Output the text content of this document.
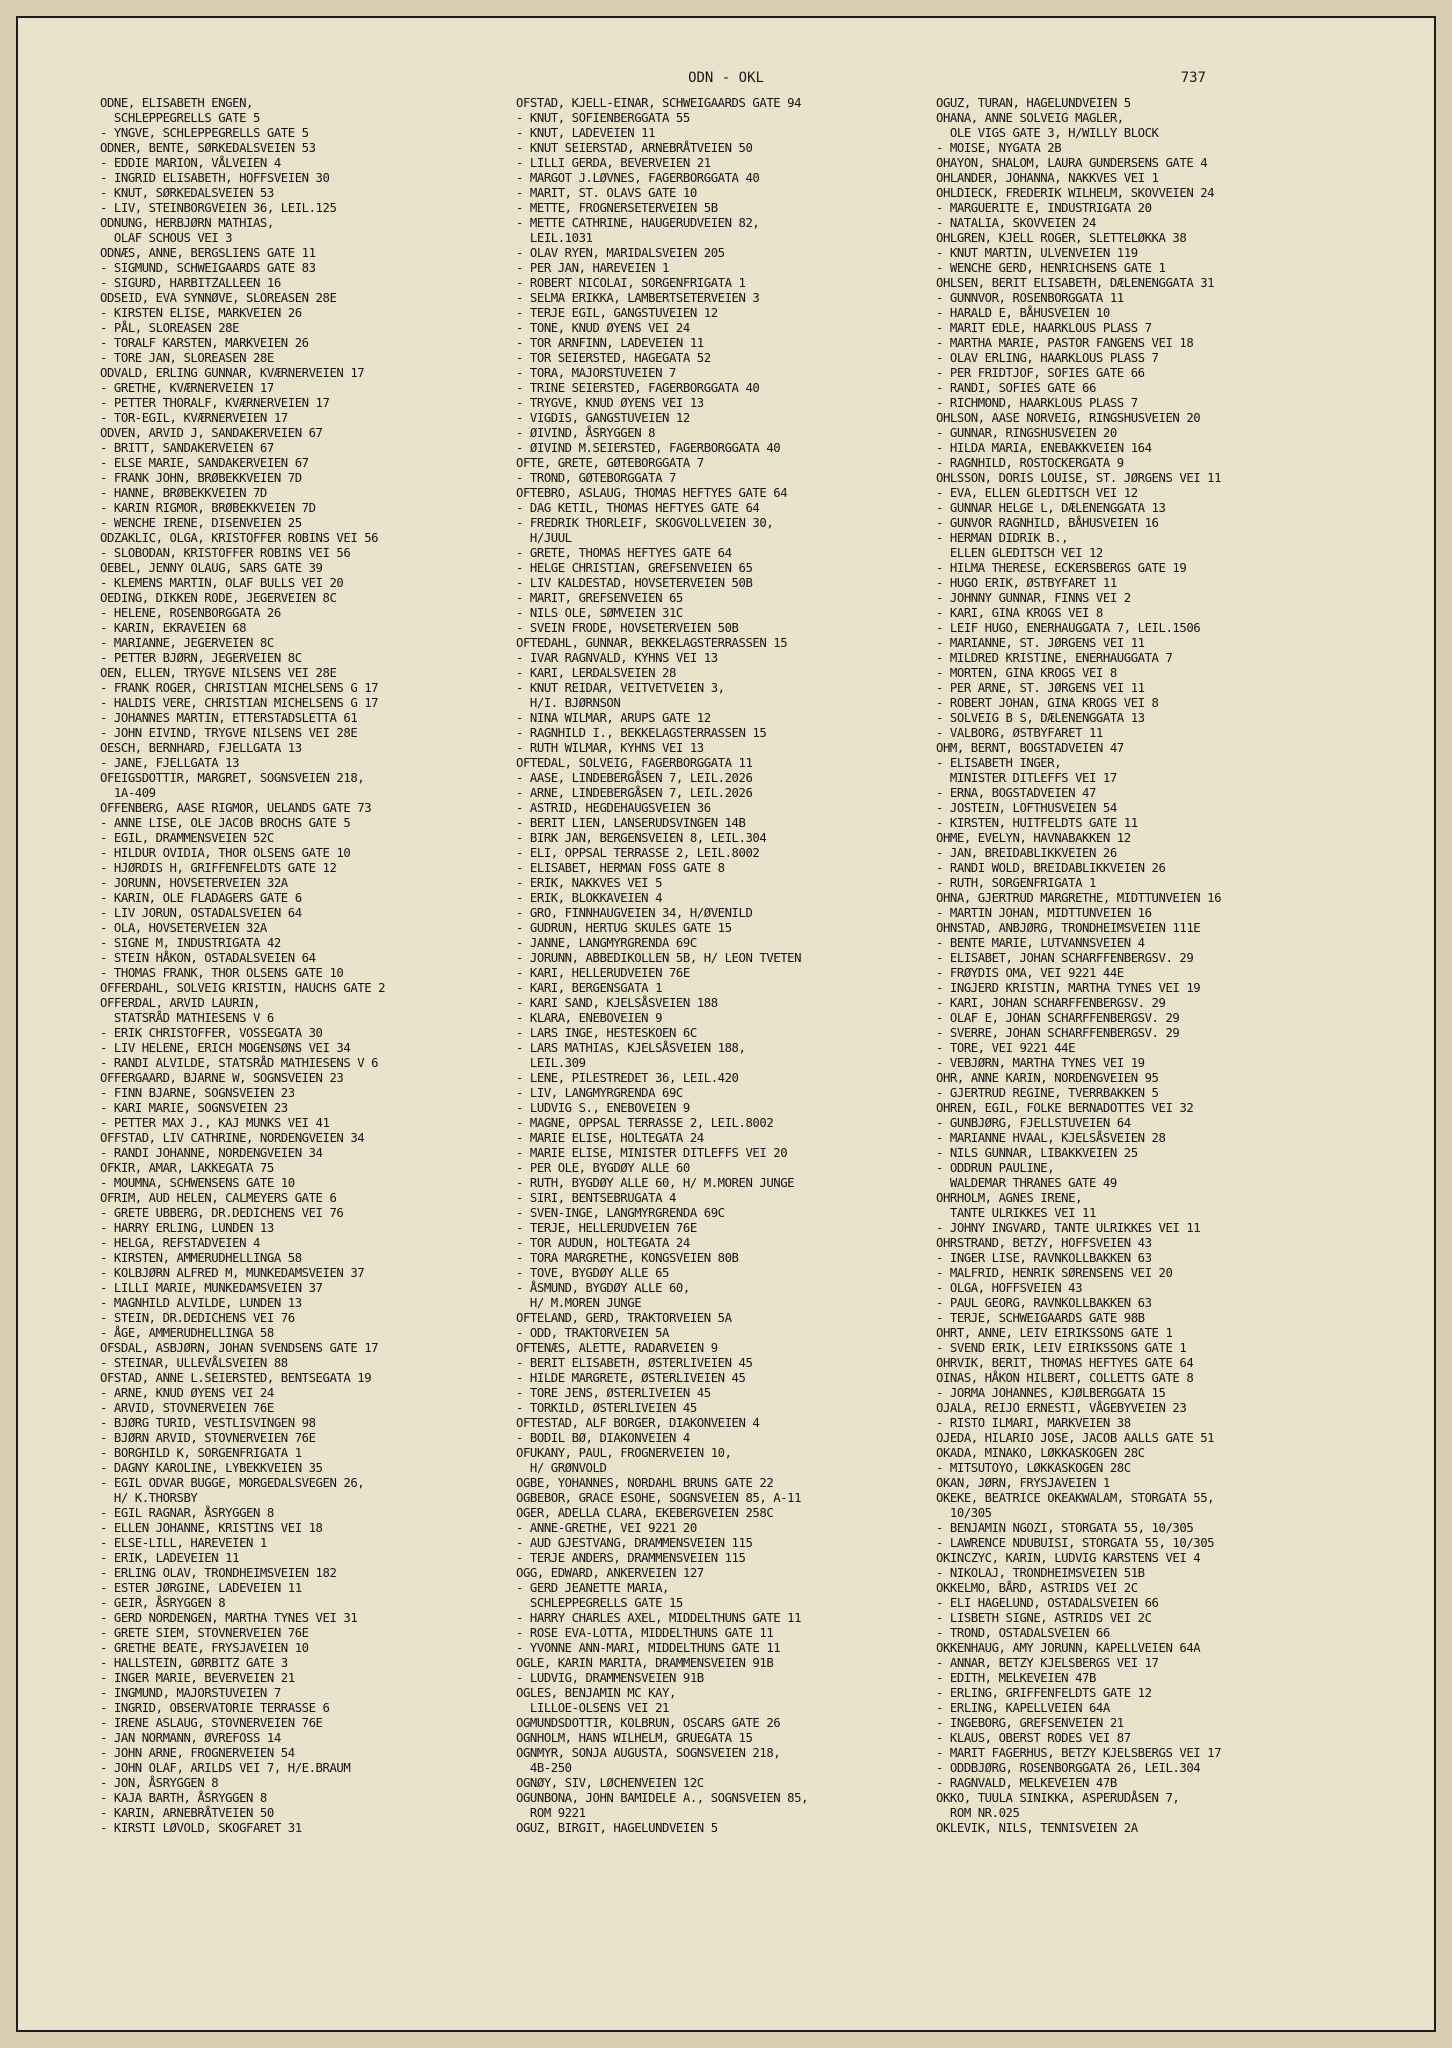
ODN - OKL	737
ODNE, ELISABETH ENGEN,
SCHLEPPEGRELLS GATE 5
- YNGVE, SCHLEPPEGRELLS GATE 5
ODNER, BENTE, SØRKEDALSVEIEN 53
- EDDIE MARION, VÅLVEIEN 4
- INGRID ELISABETH, HOFFSVEIEN 30
- KNUT, SØRKEDALSVEIEN 53
- LIV, STEINBORGVEIEN 36, LEIL.125
ODNUNG, HERBJØRN MATHIAS,
OLAF SCHOUS VEI 3
ODNÆS, ANNE, BERGSLIENS GATE 11
- SIGMUND, SCHWEIGAARDS GATE 83
- SIGURD, HARBITZALLEEN 16
ODSEID, EVA SYNNØVE, SLOREASEN 28E
- KIRSTEN ELISE, MARKVEIEN 26
- PÅL, SLOREASEN 28E
- TORALF KARSTEN, MARKVEIEN 26
- TORE JAN, SLOREASEN 28E
ODVALD, ERLING GUNNAR, KVÆRNERVEIEN 17
- GRETHE, KVÆRNERVEIEN 17
- PETTER THORALF, KVÆRNERVEIEN 17
- TOR-EGIL, KVÆRNERVEIEN 17
ODVEN, ARVID J, SANDAKERVEIEN 67
- BRITT, SANDAKERVEIEN 67
- ELSE MARIE, SANDAKERVEIEN 67
- FRANK JOHN, BRØBEKKVEIEN 7D
- HANNE, BRØBEKKVEIEN 7D
- KARIN RIGMOR, BRØBEKKVEIEN 7D
- WENCHE IRENE, DISENVEIEN 25
ODZAKLIC, OLGA, KRISTOFFER ROBINS VEI 56
- SLOBODAN, KRISTOFFER ROBINS VEI 56
OEBEL, JENNY OLAUG, SARS GATE 39
- KLEMENS MARTIN, OLAF BULLS VEI 20
OEDING, DIKKEN RODE, JEGERVEIEN 8C
- HELENE, ROSENBORGGATA 26
- KARIN, EKRAVEIEN 68
- MARIANNE, JEGERVEIEN 8C
- PETTER BJØRN, JEGERVEIEN 8C
OEN, ELLEN, TRYGVE NILSENS VEI 28E
- FRANK ROGER, CHRISTIAN MICHELSENS G 17
- HALDIS VERE, CHRISTIAN MICHELSENS G 17
- JOHANNES MARTIN, ETTERSTADSLETTA 61
- JOHN EIVIND, TRYGVE NILSENS VEI 28E
OESCH, BERNHARD, FJELLGATA 13
- JANE, FJELLGATA 13
OFEIGSDOTTIR, MARGRET, SOGNSVEIEN 218,
1A-409
OFFENBERG, AASE RIGMOR, UELANDS GATE 73
- ANNE LISE, OLE JACOB BROCHS GATE 5
- EGIL, DRAMMENSVEIEN 52C
- HILDUR OVIDIA, THOR OLSENS GATE 10
- HJØRDIS H, GRIFFENFELDTS GATE 12
- JORUNN, HOVSETERVEIEN 32A
- KARIN, OLE FLADAGERS GATE 6
- LIV JORUN, OSTADALSVEIEN 64
- OLA, HOVSETERVEIEN 32A
- SIGNE M, INDUSTRIGATA 42
- STEIN HÅKON, OSTADALSVEIEN 64
- THOMAS FRANK, THOR OLSENS GATE 10
OFFERDAHL, SOLVEIG KRISTIN, HAUCHS GATE 2
OFFERDAL, ARVID LAURIN,
STATSRÅD MATHIESENS V 6
- ERIK CHRISTOFFER, VOSSEGATA 30
- LIV HELENE, ERICH MOGENSØNS VEI 34
- RANDI ALVILDE, STATSRÅD MATHIESENS V 6
OFFERGAARD, BJARNE W, SOGNSVEIEN 23
- FINN BJARNE, SOGNSVEIEN 23
- KARI MARIE, SOGNSVEIEN 23
- PETTER MAX J., KAJ MUNKS VEI 41
OFFSTAD, LIV CATHRINE, NORDENGVEIEN 34
- RANDI JOHANNE, NORDENGVEIEN 34
OFKIR, AMAR, LAKKEGATA 75
- MOUMNA, SCHWENSENS GATE 10
OFRIM, AUD HELEN, CALMEYERS GATE 6
- GRETE UBBERG, DR.DEDICHENS VEI 76
- HARRY ERLING, LUNDEN 13
- HELGA, REFSTADVEIEN 4
- KIRSTEN, AMMERUDHELLINGA 58
- KOLBJØRN ALFRED M, MUNKEDAMSVEIEN 37
- LILLI MARIE, MUNKEDAMSVEIEN 37
- MAGNHILD ALVILDE, LUNDEN 13
- STEIN, DR.DEDICHENS VEI 76
- ÅGE, AMMERUDHELLINGA 58
OFSDAL, ASBJØRN, JOHAN SVENDSENS GATE 17
- STEINAR, ULLEVÅLSVEIEN 88
OFSTAD, ANNE L.SEIERSTED, BENTSEGATA 19
- ARNE, KNUD ØYENS VEI 24
- ARVID, STOVNERVEIEN 76E
- BJØRG TURID, VESTLISVINGEN 98
- BJØRN ARVID, STOVNERVEIEN 76E
- BORGHILD K, SORGENFRIGATA 1
- DAGNY KAROLINE, LYBEKKVEIEN 35
- EGIL ODVAR BUGGE, MORGEDALSVEGEN 26,
H/ K.THORSBY
- EGIL RAGNAR, ÅSRYGGEN 8
- ELLEN JOHANNE, KRISTINS VEI 18
- ELSE-LILL, HAREVEIEN 1
- ERIK, LADEVEIEN 11
- ERLING OLAV, TRONDHEIMSVEIEN 182
- ESTER JØRGINE, LADEVEIEN 11
- GEIR, ÅSRYGGEN 8
- GERD NORDENGEN, MARTHA TYNES VEI 31
- GRETE SIEM, STOVNERVEIEN 76E
- GRETHE BEATE, FRYSJAVEIEN 10
- HALLSTEIN, GØRBITZ GATE 3
- INGER MARIE, BEVERVEIEN 21
- INGMUND, MAJORSTUVEIEN 7
- INGRID, OBSERVATORIE TERRASSE 6
- IRENE ASLAUG, STOVNERVEIEN 76E
- JAN NORMANN, ØVREFOSS 14
- JOHN ARNE, FROGNERVEIEN 54
- JOHN OLAF, ARILDS VEI 7, H/E.BRAUM
- JON, ÅSRYGGEN 8
- KAJA BARTH, ÅSRYGGEN 8
- KARIN, ARNEBRÅTVEIEN 50
- KIRSTI LØVOLD, SKOGFARET 31
OFSTAD, KJELL-EINAR, SCHWEIGAARDS GATE 94
- KNUT, SOFIENBERGGATA 55
- KNUT, LADEVEIEN 11
- KNUT SEIERSTAD, ARNEBRÅTVEIEN 50
- LILLI GERDA, BEVERVEIEN 21
- MARGOT J.LØVNES, FAGERBORGGATA 40
- MARIT, ST. OLAVS GATE 10
- METTE, FROGNERSETERVEIEN 5B
- METTE CATHRINE, HAUGERUDVEIEN 82,
LEIL.1031
- OLAV RYEN, MARIDALSVEIEN 205
- PER JAN, HAREVEIEN 1
- ROBERT NICOLAI, SORGENFRIGATA 1
- SELMA ERIKKA, LAMBERTSETERVEIEN 3
- TERJE EGIL, GANGSTUVEIEN 12
- TONE, KNUD ØYENS VEI 24
- TOR ARNFINN, LADEVEIEN 11
- TOR SEIERSTED, HAGEGATA 52
- TORA, MAJORSTUVEIEN 7
- TRINE SEIERSTED, FAGERBORGGATA 40
- TRYGVE, KNUD ØYENS VEI 13
- VIGDIS, GANGSTUVEIEN 12
- ØIVIND, ÅSRYGGEN 8
- ØIVIND M.SEIERSTED, FAGERBORGGATA 40
OFTE, GRETE, GØTEBORGGATA 7
- TROND, GØTEBORGGATA 7
OFTEBRO, ASLAUG, THOMAS HEFTYES GATE 64
- DAG KETIL, THOMAS HEFTYES GATE 64
- FREDRIK THORLEIF, SKOGVOLLVEIEN 30,
H/JUUL
- GRETE, THOMAS HEFTYES GATE 64
- HELGE CHRISTIAN, GREFSENVEIEN 65
- LIV KALDESTAD, HOVSETERVEIEN 50B
- MARIT, GREFSENVEIEN 65
- NILS OLE, SØMVEIEN 31C
- SVEIN FRODE, HOVSETERVEIEN 50B
OFTEDAHL, GUNNAR, BEKKELAGSTERRASSEN 15
- IVAR RAGNVALD, KYHNS VEI 13
- KARI, LERDALSVEIEN 28
- KNUT REIDAR, VEITVETVEIEN 3,
H/I. BJØRNSON
- NINA WILMAR, ARUPS GATE 12
- RAGNHILD I., BEKKELAGSTERRASSEN 15
- RUTH WILMAR, KYHNS VEI 13
OFTEDAL, SOLVEIG, FAGERBORGGATA 11
- AASE, LINDEBERGÅSEN 7, LEIL.2026
- ARNE, LINDEBERGÅSEN 7, LEIL.2026
- ASTRID, HEGDEHAUGSVEIEN 36
- BERIT LIEN, LANSERUDSVINGEN 14B
- BIRK JAN, BERGENSVEIEN 8, LEIL.304
- ELI, OPPSAL TERRASSE 2, LEIL.8002
- ELISABET, HERMAN FOSS GATE 8
- ERIK, NAKKVES VEI 5
- ERIK, BLOKKAVEIEN 4
- GRO, FINNHAUGVEIEN 34, H/ØVENILD
- GUDRUN, HERTUG SKULES GATE 15
- JANNE, LANGMYRGRENDA 69C
- JORUNN, ABBEDIKOLLEN 5B, H/ LEON TVETEN
- KARI, HELLERUDVEIEN 76E
- KARI, BERGENSGATA 1
- KARI SAND, KJELSÅSVEIEN 188
- KLARA, ENEBOVEIEN 9
- LARS INGE, HESTESKOEN 6C
- LARS MATHIAS, KJELSÅSVEIEN 188,
LEIL.309
- LENE, PILESTREDET 36, LEIL.420
- LIV, LANGMYRGRENDA 69C
- LUDVIG S., ENEBOVEIEN 9
- MAGNE, OPPSAL TERRASSE 2, LEIL.8002
- MARIE ELISE, HOLTEGATA 24
- MARIE ELISE, MINISTER DITLEFFS VEI 20
- PER OLE, BYGDØY ALLE 60
- RUTH, BYGDØY ALLE 60, H/ M.MOREN JUNGE
- SIRI, BENTSEBRUGATA 4
- SVEN-INGE, LANGMYRGRENDA 69C
- TERJE, HELLERUDVEIEN 76E
- TOR AUDUN, HOLTEGATA 24
- TORA MARGRETHE, KONGSVEIEN 80B
- TOVE, BYGDØY ALLE 65
- ÅSMUND, BYGDØY ALLE 60,
H/ M.MOREN JUNGE
OFTELAND, GERD, TRAKTORVEIEN 5A
- ODD, TRAKTORVEIEN 5A
OFTENÆS, ALETTE, RADARVEIEN 9
- BERIT ELISABETH, ØSTERLIVEIEN 45
- HILDE MARGRETE, ØSTERLIVEIEN 45
- TORE JENS, ØSTERLIVEIEN 45
- TORKILD, ØSTERLIVEIEN 45
OFTESTAD, ALF BORGER, DIAKONVEIEN 4
- BODIL BØ, DIAKONVEIEN 4
OFUKANY, PAUL, FROGNERVEIEN 10,
H/ GRØNVOLD
OGBE, YOHANNES, NORDAHL BRUNS GATE 22
OGBEBOR, GRACE ESOHE, SOGNSVEIEN 85, A-11
OGER, ADELLA CLARA, EKEBERGVEIEN 258C
- ANNE-GRETHE, VEI 9221 20
- AUD GJESTVANG, DRAMMENSVEIEN 115
- TERJE ANDERS, DRAMMENSVEIEN 115
OGG, EDWARD, ANKERVEIEN 127
- GERD JEANETTE MARIA,
SCHLEPPEGRELLS GATE 15
- HARRY CHARLES AXEL, MIDDELTHUNS GATE 11
- ROSE EVA-LOTTA, MIDDELTHUNS GATE 11
- YVONNE ANN-MARI, MIDDELTHUNS GATE 11
OGLE, KARIN MARITA, DRAMMENSVEIEN 91B
- LUDVIG, DRAMMENSVEIEN 91B
OGLES, BENJAMIN MC KAY,
LILLOE-OLSENS VEI 21
OGMUNDSDOTTIR, KOLBRUN, OSCARS GATE 26
OGNHOLM, HANS WILHELM, GRUEGATA 15
OGNMYR, SONJA AUGUSTA, SOGNSVEIEN 218,
4B-250
OGNØY, SIV, LØCHENVEIEN 12C
OGUNBONA, JOHN BAMIDELE A., SOGNSVEIEN 85,
ROM 9221
OGUZ, BIRGIT, HAGELUNDVEIEN 5
OGUZ, TURAN, HAGELUNDVEIEN 5
OHANA, ANNE SOLVEIG MAGLER,
OLE VIGS GATE 3, H/WILLY BLOCK
- MOISE, NYGATA 2B
OHAYON, SHALOM, LAURA GUNDERSENS GATE 4
OHLANDER, JOHANNA, NAKKVES VEI 1
OHLDIECK, FREDERIK WILHELM, SKOVVEIEN 24
- MARGUERITE E, INDUSTRIGATA 20
- NATALIA, SKOVVEIEN 24
OHLGREN, KJELL ROGER, SLETTELØKKA 38
- KNUT MARTIN, ULVENVEIEN 119
- WENCHE GERD, HENRICHSENS GATE 1
OHLSEN, BERIT ELISABETH, DÆLENENGGATA 31
- GUNNVOR, ROSENBORGGATA 11
- HARALD E, BÅHUSVEIEN 10
- MARIT EDLE, HAARKLOUS PLASS 7
- MARTHA MARIE, PASTOR FANGENS VEI 18
- OLAV ERLING, HAARKLOUS PLASS 7
- PER FRIDTJOF, SOFIES GATE 66
- RANDI, SOFIES GATE 66
- RICHMOND, HAARKLOUS PLASS 7
OHLSON, AASE NORVEIG, RINGSHUSVEIEN 20
- GUNNAR, RINGSHUSVEIEN 20
- HILDA MARIA, ENEBAKKVEIEN 164
- RAGNHILD, ROSTOCKERGATA 9
OHLSSON, DORIS LOUISE, ST. JØRGENS VEI 11
- EVA, ELLEN GLEDITSCH VEI 12
- GUNNAR HELGE L, DÆLENENGGATA 13
- GUNVOR RAGNHILD, BÅHUSVEIEN 16
- HERMAN DIDRIK B.,
ELLEN GLEDITSCH VEI 12
- HILMA THERESE, ECKERSBERGS GATE 19
- HUGO ERIK, ØSTBYFARET 11
- JOHNNY GUNNAR, FINNS VEI 2
- KARI, GINA KROGS VEI 8
- LEIF HUGO, ENERHAUGGATA 7, LEIL.1506
- MARIANNE, ST. JØRGENS VEI 11
- MILDRED KRISTINE, ENERHAUGGATA 7
- MORTEN, GINA KROGS VEI 8
- PER ARNE, ST. JØRGENS VEI 11
- ROBERT JOHAN, GINA KROGS VEI 8
- SOLVEIG B S, DÆLENENGGATA 13
- VALBORG, ØSTBYFARET 11
OHM, BERNT, BOGSTADVEIEN 47
- ELISABETH INGER,
MINISTER DITLEFFS VEI 17
- ERNA, BOGSTADVEIEN 47
- JOSTEIN, LOFTHUSVEIEN 54
- KIRSTEN, HUITFELDTS GATE 11
OHME, EVELYN, HAVNABAKKEN 12
- JAN, BREIDABLIKKVEIEN 26
- RANDI WOLD, BREIDABLIKKVEIEN 26
- RUTH, SORGENFRIGATA 1
OHNA, GJERTRUD MARGRETHE, MIDTTUNVEIEN 16
- MARTIN JOHAN, MIDTTUNVEIEN 16
OHNSTAD, ANBJØRG, TRONDHEIMSVEIEN 111E
- BENTE MARIE, LUTVANNSVEIEN 4
- ELISABET, JOHAN SCHARFFENBERGSV. 29
- FRØYDIS OMA, VEI 9221 44E
- INGJERD KRISTIN, MARTHA TYNES VEI 19
- KARI, JOHAN SCHARFFENBERGSV. 29
- OLAF E, JOHAN SCHARFFENBERGSV. 29
- SVERRE, JOHAN SCHARFFENBERGSV. 29
- TORE, VEI 9221 44E
- VEBJØRN, MARTHA TYNES VEI 19
OHR, ANNE KARIN, NORDENGVEIEN 95
- GJERTRUD REGINE, TVERRBAKKEN 5
OHREN, EGIL, FOLKE BERNADOTTES VEI 32
- GUNBJØRG, FJELLSTUVEIEN 64
- MARIANNE HVAAL, KJELSÅSVEIEN 28
- NILS GUNNAR, LIBAKKVEIEN 25
- ODDRUN PAULINE,
WALDEMAR THRANES GATE 49
OHRHOLM, AGNES IRENE,
TANTE ULRIKKES VEI 11
- JOHNY INGVARD, TANTE ULRIKKES VEI 11
OHRSTRAND, BETZY, HOFFSVEIEN 43
- INGER LISE, RAVNKOLLBAKKEN 63
- MALFRID, HENRIK SØRENSENS VEI 20
- OLGA, HOFFSVEIEN 43
- PAUL GEORG, RAVNKOLLBAKKEN 63
- TERJE, SCHWEIGAARDS GATE 98B
OHRT, ANNE, LEIV EIRIKSSONS GATE 1
- SVEND ERIK, LEIV EIRIKSSONS GATE 1
OHRVIK, BERIT, THOMAS HEFTYES GATE 64
OINAS, HÅKON HILBERT, COLLETTS GATE 8
- JORMA JOHANNES, KJØLBERGGATA 15
OJALA, REIJO ERNESTI, VÅGEBYVEIEN 23
- RISTO ILMARI, MARKVEIEN 38
OJEDA, HILARIO JOSE, JACOB AALLS GATE 51
OKADA, MINAKO, LØKKASKOGEN 28C
- MITSUTOYO, LØKKASKOGEN 28C
OKAN, JØRN, FRYSJAVEIEN 1
OKEKE, BEATRICE OKEAKWALAM, STORGATA 55,
10/305
- BENJAMIN NGOZI, STORGATA 55, 10/305
- LAWRENCE NDUBUISI, STORGATA 55, 10/305
OKINCZYC, KARIN, LUDVIG KARSTENS VEI 4
- NIKOLAJ, TRONDHEIMSVEIEN 51B
OKKELMO, BÅRD, ASTRIDS VEI 2C
- ELI HAGELUND, OSTADALSVEIEN 66
- LISBETH SIGNE, ASTRIDS VEI 2C
- TROND, OSTADALSVEIEN 66
OKKENHAUG, AMY JORUNN, KAPELLVEIEN 64A
- ANNAR, BETZY KJELSBERGS VEI 17
- EDITH, MELKEVEIEN 47B
- ERLING, GRIFFENFELDTS GATE 12
- ERLING, KAPELLVEIEN 64A
- INGEBORG, GREFSENVEIEN 21
- KLAUS, OBERST RODES VEI 87
- MARIT FAGERHUS, BETZY KJELSBERGS VEI 17
- ODDBJØRG, ROSENBORGGATA 26, LEIL.304
- RAGNVALD, MELKEVEIEN 47B
OKKO, TUULA SINIKKA, ASPERUDÅSEN 7,
ROM NR.025
OKLEVIK, NILS, TENNISVEIEN 2A
